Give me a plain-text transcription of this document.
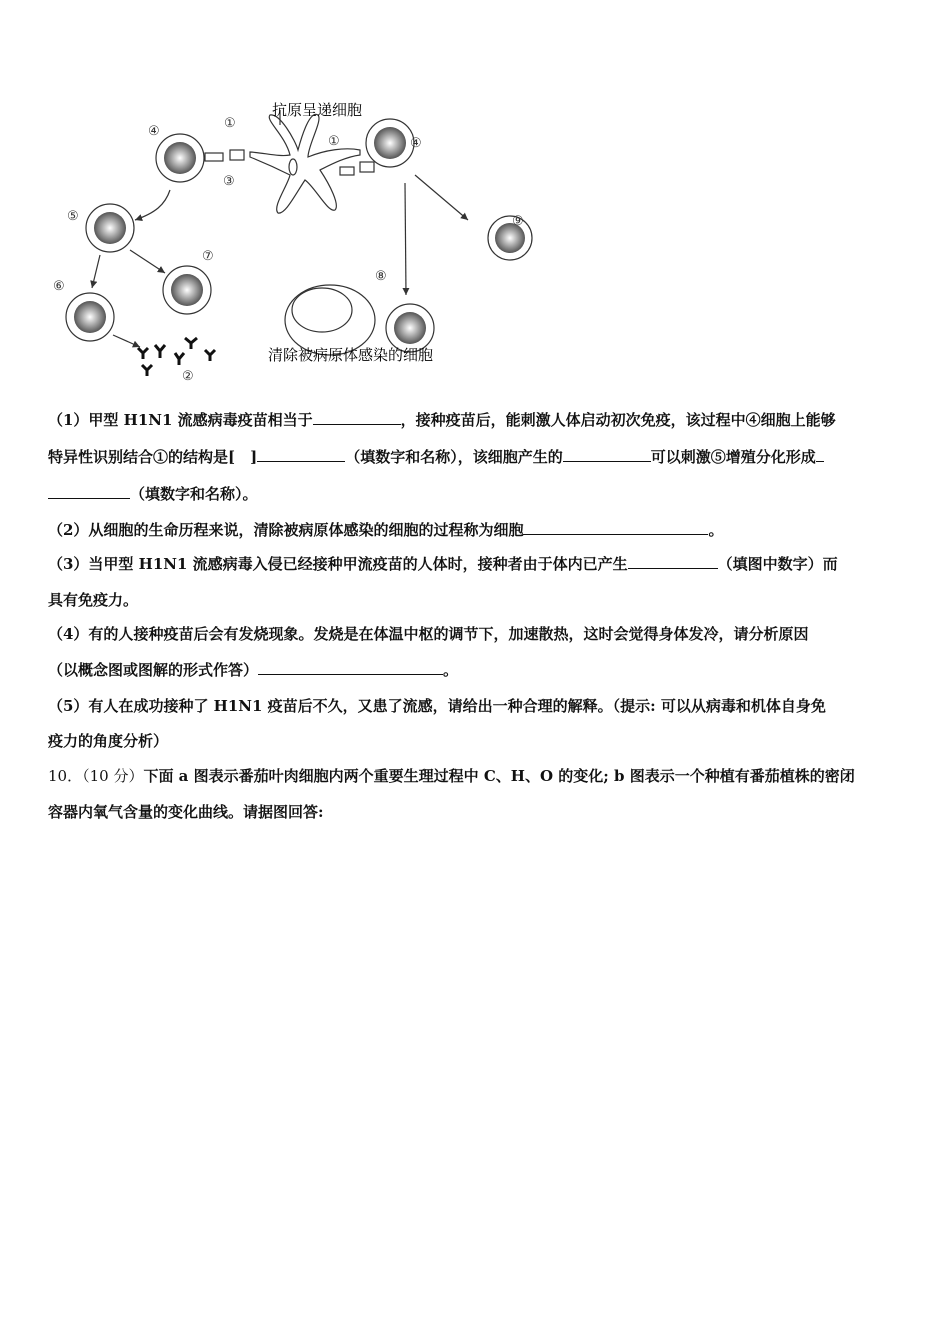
抗原呈递细胞
清除被病原体感染的细胞
①
①
②
③
④
④
⑤
⑥
⑦
⑧
⑨
（1）甲型 H1N1 流感病毒疫苗相当于	，接种疫苗后，能刺激人体启动初次免疫，该过程中④细胞上能够
特异性识别结合①的结构是[　]	（填数字和名称），该细胞产生的	可以刺激⑤增殖分化形成
（填数字和名称）。
（2）从细胞的生命历程来说，清除被病原体感染的细胞的过程称为细胞	。
（3）当甲型 H1N1 流感病毒入侵已经接种甲流疫苗的人体时，接种者由于体内已产生	（填图中数字）而
具有免疫力。
（4）有的人接种疫苗后会有发烧现象。发烧是在体温中枢的调节下，加速散热，这时会觉得身体发冷，请分析原因
（以概念图或图解的形式作答）	。
（5）有人在成功接种了 H1N1 疫苗后不久，又患了流感，请给出一种合理的解释。（提示: 可以从病毒和机体自身免
疫力的角度分析）
10．（10 分）下面 a 图表示番茄叶肉细胞内两个重要生理过程中 C、H、O 的变化; b 图表示一个种植有番茄植株的密闭
容器内氧气含量的变化曲线。请据图回答:
